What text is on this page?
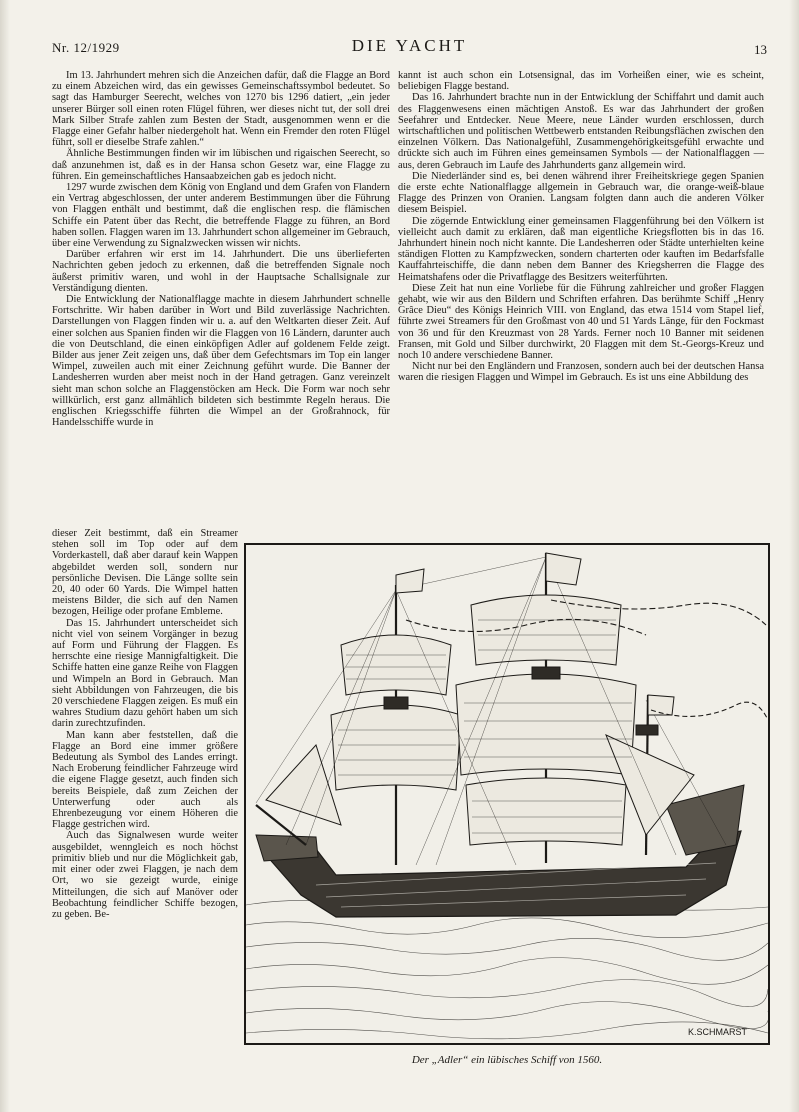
Nr. 12/1929	DIE YACHT	13

Im 13. Jahrhundert mehren sich die Anzeichen dafür, daß die Flagge an Bord zu einem Abzeichen wird, das ein gewisses Gemeinschaftssymbol bedeutet. So sagt das Hamburger Seerecht, welches von 1270 bis 1296 datiert, „ein jeder unserer Bürger soll einen roten Flügel führen, wer dieses nicht tut, der soll drei Mark Silber Strafe zahlen zum Besten der Stadt, ausgenommen wenn er die Flagge einer Gefahr halber niedergeholt hat. Wenn ein Fremder den roten Flügel führt, soll er dieselbe Strafe zahlen.“

Ähnliche Bestimmungen finden wir im lübischen und rigaischen Seerecht, so daß anzunehmen ist, daß es in der Hansa schon Gesetz war, eine Flagge zu führen. Ein gemeinschaftliches Hansaabzeichen gab es jedoch nicht.

1297 wurde zwischen dem König von England und dem Grafen von Flandern ein Vertrag abgeschlossen, der unter anderem Bestimmungen über die Führung von Flaggen enthält und bestimmt, daß die englischen resp. die flämischen Schiffe ein Patent über das Recht, die betreffende Flagge zu führen, an Bord haben sollen. Flaggen waren im 13. Jahrhundert schon allgemeiner im Gebrauch, über eine Verwendung zu Signalzwecken wissen wir nichts.

Darüber erfahren wir erst im 14. Jahrhundert. Die uns überlieferten Nachrichten geben jedoch zu erkennen, daß die betreffenden Signale noch äußerst primitiv waren, und wohl in der Hauptsache Schallsignale zur Verständigung dienten.

Die Entwicklung der Nationalflagge machte in diesem Jahrhundert schnelle Fortschritte. Wir haben darüber in Wort und Bild zuverlässige Nachrichten. Darstellungen von Flaggen finden wir u. a. auf den Weltkarten dieser Zeit. Auf einer solchen aus Spanien finden wir die Flaggen von 16 Ländern, darunter auch die von Deutschland, die einen einköpfigen Adler auf goldenem Felde zeigt. Bilder aus jener Zeit zeigen uns, daß über dem Gefechtsmars im Top ein langer Wimpel, zuweilen auch mit einer Zeichnung geführt wurde. Die Banner der Landesherren wurden aber meist noch in der Hand getragen. Ganz vereinzelt sieht man schon solche an Flaggenstöcken am Heck. Die Form war noch sehr willkürlich, erst ganz allmählich bildeten sich bestimmte Regeln heraus. Die englischen Kriegsschiffe führten die Wimpel an der Großrahnock, für Handelsschiffe wurde in

dieser Zeit bestimmt, daß ein Streamer stehen soll im Top oder auf dem Vorderkastell, daß aber darauf kein Wappen abgebildet werden soll, sondern nur persönliche Devisen. Die Länge sollte sein 20, 40 oder 60 Yards. Die Wimpel hatten meistens Bilder, die sich auf den Namen bezogen, Heilige oder profane Embleme.

Das 15. Jahrhundert unterscheidet sich nicht viel von seinem Vorgänger in bezug auf Form und Führung der Flaggen. Es herrschte eine riesige Mannigfaltigkeit. Die Schiffe hatten eine ganze Reihe von Flaggen und Wimpeln an Bord in Gebrauch. Man sieht Abbildungen von Fahrzeugen, die bis 20 verschiedene Flaggen zeigen. Es muß ein wahres Studium dazu gehört haben um sich darin zurechtzufinden.

Man kann aber feststellen, daß die Flagge an Bord eine immer größere Bedeutung als Symbol des Landes erringt. Nach Eroberung feindlicher Fahrzeuge wird die eigene Flagge gesetzt, auch finden sich bereits Beispiele, daß zum Zeichen der Unterwerfung oder auch als Ehrenbezeugung vor einem Höheren die Flagge gestrichen wird.

Auch das Signalwesen wurde weiter ausgebildet, wenngleich es noch höchst primitiv blieb und nur die Möglichkeit gab, mit einer oder zwei Flaggen, je nach dem Ort, wo sie gezeigt wurde, einige Mitteilungen, die sich auf Manöver oder Beobachtung feindlicher Schiffe bezogen, zu geben. Be-

kannt ist auch schon ein Lotsensignal, das im Vorheißen einer, wie es scheint, beliebigen Flagge bestand.

Das 16. Jahrhundert brachte nun in der Entwicklung der Schiffahrt und damit auch des Flaggenwesens einen mächtigen Anstoß. Es war das Jahrhundert der großen Seefahrer und Entdecker. Neue Meere, neue Länder wurden erschlossen, durch wirtschaftlichen und politischen Wettbewerb entstanden Reibungsflächen zwischen den einzelnen Völkern. Das Nationalgefühl, Zusammengehörigkeitsgefühl erwachte und drückte sich auch im Führen eines gemeinsamen Symbols — der Nationalflaggen — aus, deren Gebrauch im Laufe des Jahrhunderts ganz allgemein wird.

Die Niederländer sind es, bei denen während ihrer Freiheitskriege gegen Spanien die erste echte Nationalflagge allgemein in Gebrauch war, die orange-weiß-blaue Flagge des Prinzen von Oranien. Langsam folgten dann auch die anderen Völker diesem Beispiel.

Die zögernde Entwicklung einer gemeinsamen Flaggenführung bei den Völkern ist vielleicht auch damit zu erklären, daß man eigentliche Kriegsflotten bis in das 16. Jahrhundert hinein noch nicht kannte. Die Landesherren oder Städte unterhielten keine ständigen Flotten zu Kampfzwecken, sondern charterten oder kauften im Bedarfsfalle Kauffahrteischiffe, die dann neben dem Banner des Kriegsherren die Flagge des Heimatshafens oder die Privatflagge des Besitzers weiterführten.

Diese Zeit hat nun eine Vorliebe für die Führung zahlreicher und großer Flaggen gehabt, wie wir aus den Bildern und Schriften erfahren. Das berühmte Schiff „Henry Grâce Dieu“ des Königs Heinrich VIII. von England, das etwa 1514 vom Stapel lief, führte zwei Streamers für den Großmast von 40 und 51 Yards Länge, für den Fockmast von 36 und für den Kreuzmast von 28 Yards. Ferner noch 10 Banner mit seidenen Fransen, mit Gold und Silber durchwirkt, 20 Flaggen mit dem St.-Georgs-Kreuz und noch 10 andere verschiedene Banner.

Nicht nur bei den Engländern und Franzosen, sondern auch bei der deutschen Hansa waren die riesigen Flaggen und Wimpel im Gebrauch. Es ist uns eine Abbildung des

K.SCHMARST
Der „Adler“ ein lübisches Schiff von 1560.
